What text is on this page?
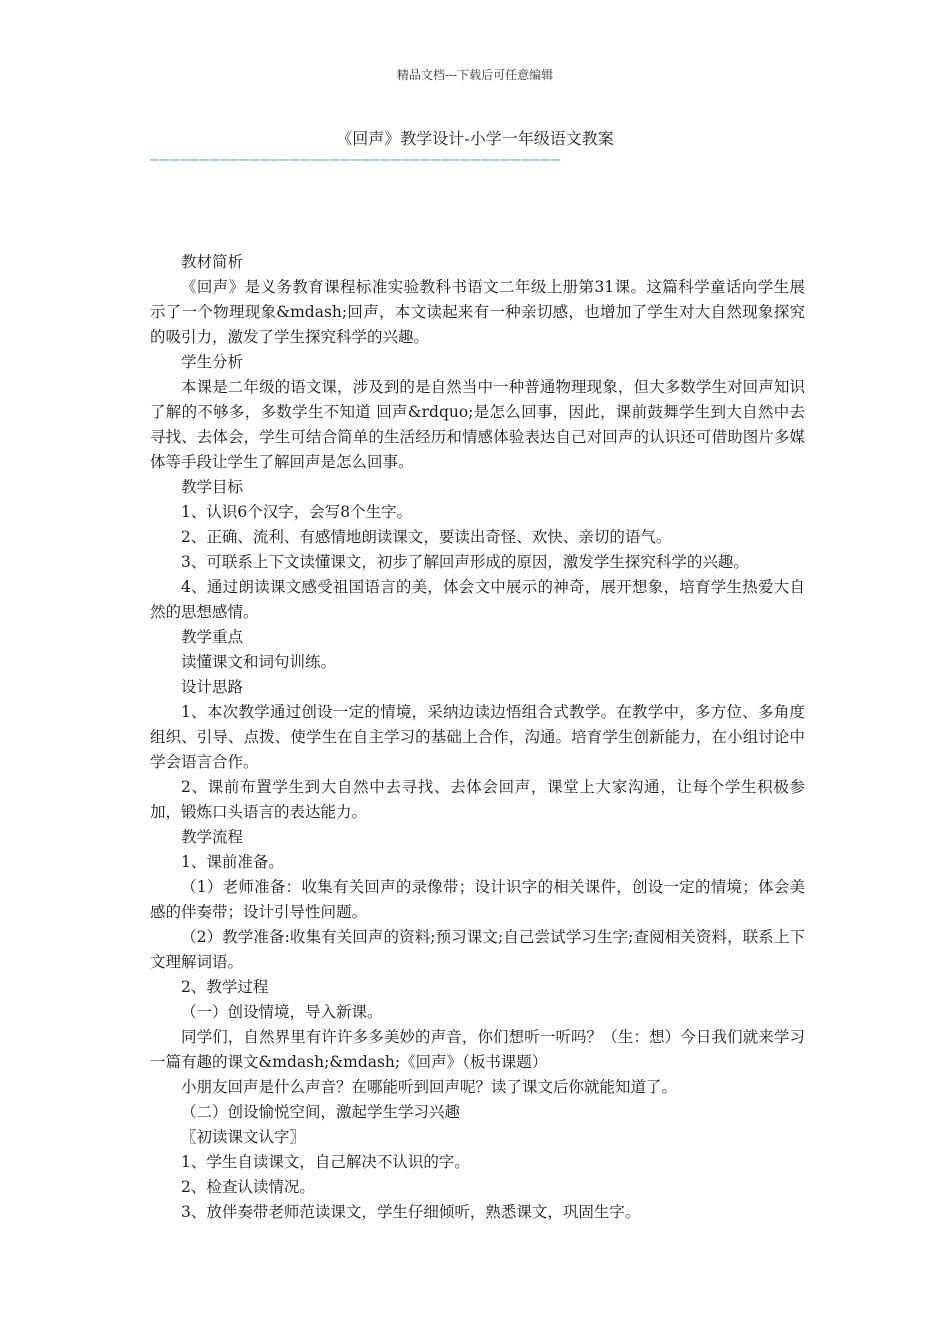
精品文档---下载后可任意编辑
《回声》教学设计-小学一年级语文教案
—————————————————————————————————————————

教材简析

《回声》是义务教育课程标准实验教科书语文二年级上册第31课。这篇科学童话向学生展示了一个物理现象&mdash;回声，本文读起来有一种亲切感，也增加了学生对大自然现象探究的吸引力，激发了学生探究科学的兴趣。

学生分析

本课是二年级的语文课，涉及到的是自然当中一种普通物理现象，但大多数学生对回声知识了解的不够多，多数学生不知道 回声&rdquo;是怎么回事，因此，课前鼓舞学生到大自然中去寻找、去体会，学生可结合简单的生活经历和情感体验表达自己对回声的认识还可借助图片多媒体等手段让学生了解回声是怎么回事。

教学目标

1、认识6个汉字，会写8个生字。

2、正确、流利、有感情地朗读课文，要读出奇怪、欢快、亲切的语气。

3、可联系上下文读懂课文，初步了解回声形成的原因，激发学生探究科学的兴趣。

4、通过朗读课文感受祖国语言的美，体会文中展示的神奇，展开想象，培育学生热爱大自然的思想感情。

教学重点

读懂课文和词句训练。

设计思路

1、本次教学通过创设一定的情境，采纳边读边悟组合式教学。在教学中，多方位、多角度组织、引导、点拨、使学生在自主学习的基础上合作，沟通。培育学生创新能力，在小组讨论中学会语言合作。

2、课前布置学生到大自然中去寻找、去体会回声，课堂上大家沟通，让每个学生积极参加，锻炼口头语言的表达能力。

教学流程

1、课前准备。

（1）老师准备：收集有关回声的录像带；设计识字的相关课件，创设一定的情境；体会美感的伴奏带；设计引导性问题。

（2）教学准备:收集有关回声的资料;预习课文;自己尝试学习生字;查阅相关资料，联系上下文理解词语。

2、教学过程

（一）创设情境，导入新课。

同学们，自然界里有许许多多美妙的声音，你们想听一听吗？（生：想）今日我们就来学习一篇有趣的课文&mdash;&mdash;《回声》（板书课题）

小朋友回声是什么声音？在哪能听到回声呢？读了课文后你就能知道了。

（二）创设愉悦空间，激起学生学习兴趣

〖初读课文认字〗

1、学生自读课文，自己解决不认识的字。

2、检查认读情况。

3、放伴奏带老师范读课文，学生仔细倾听，熟悉课文，巩固生字。
